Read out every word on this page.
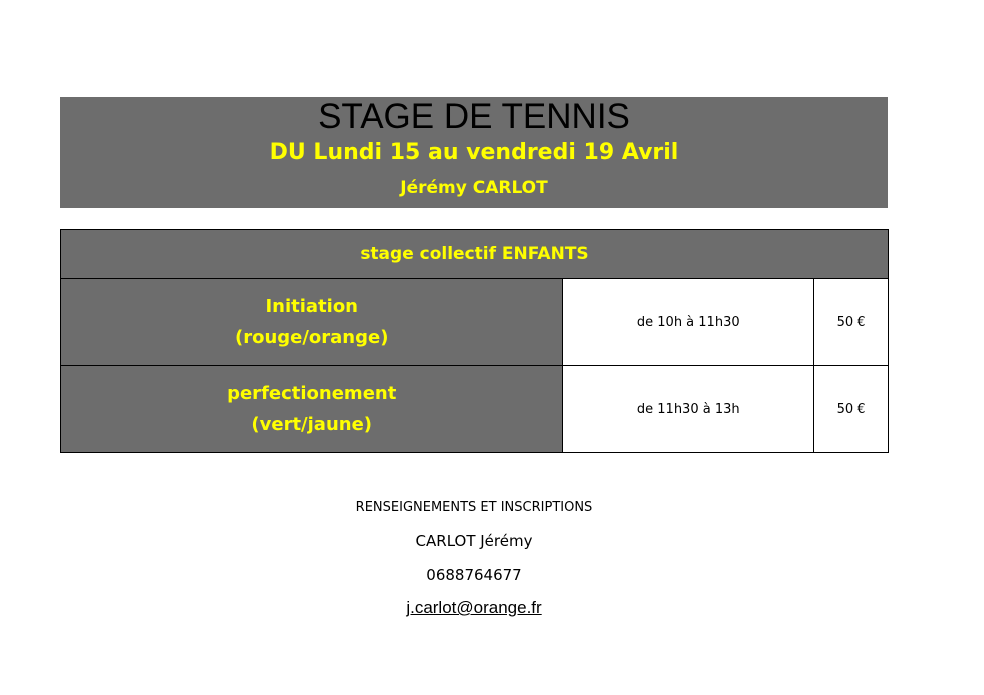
STAGE DE TENNIS
DU Lundi 15 au vendredi 19 Avril
Jérémy CARLOT
stage collectif ENFANTS		

Initiation
(rouge/orange)	de 10h à 11h30	50 €

perfectionement
(vert/jaune)	de 11h30 à 13h	50 €
RENSEIGNEMENTS ET INSCRIPTIONS
CARLOT Jérémy
0688764677
j.carlot@orange.fr
